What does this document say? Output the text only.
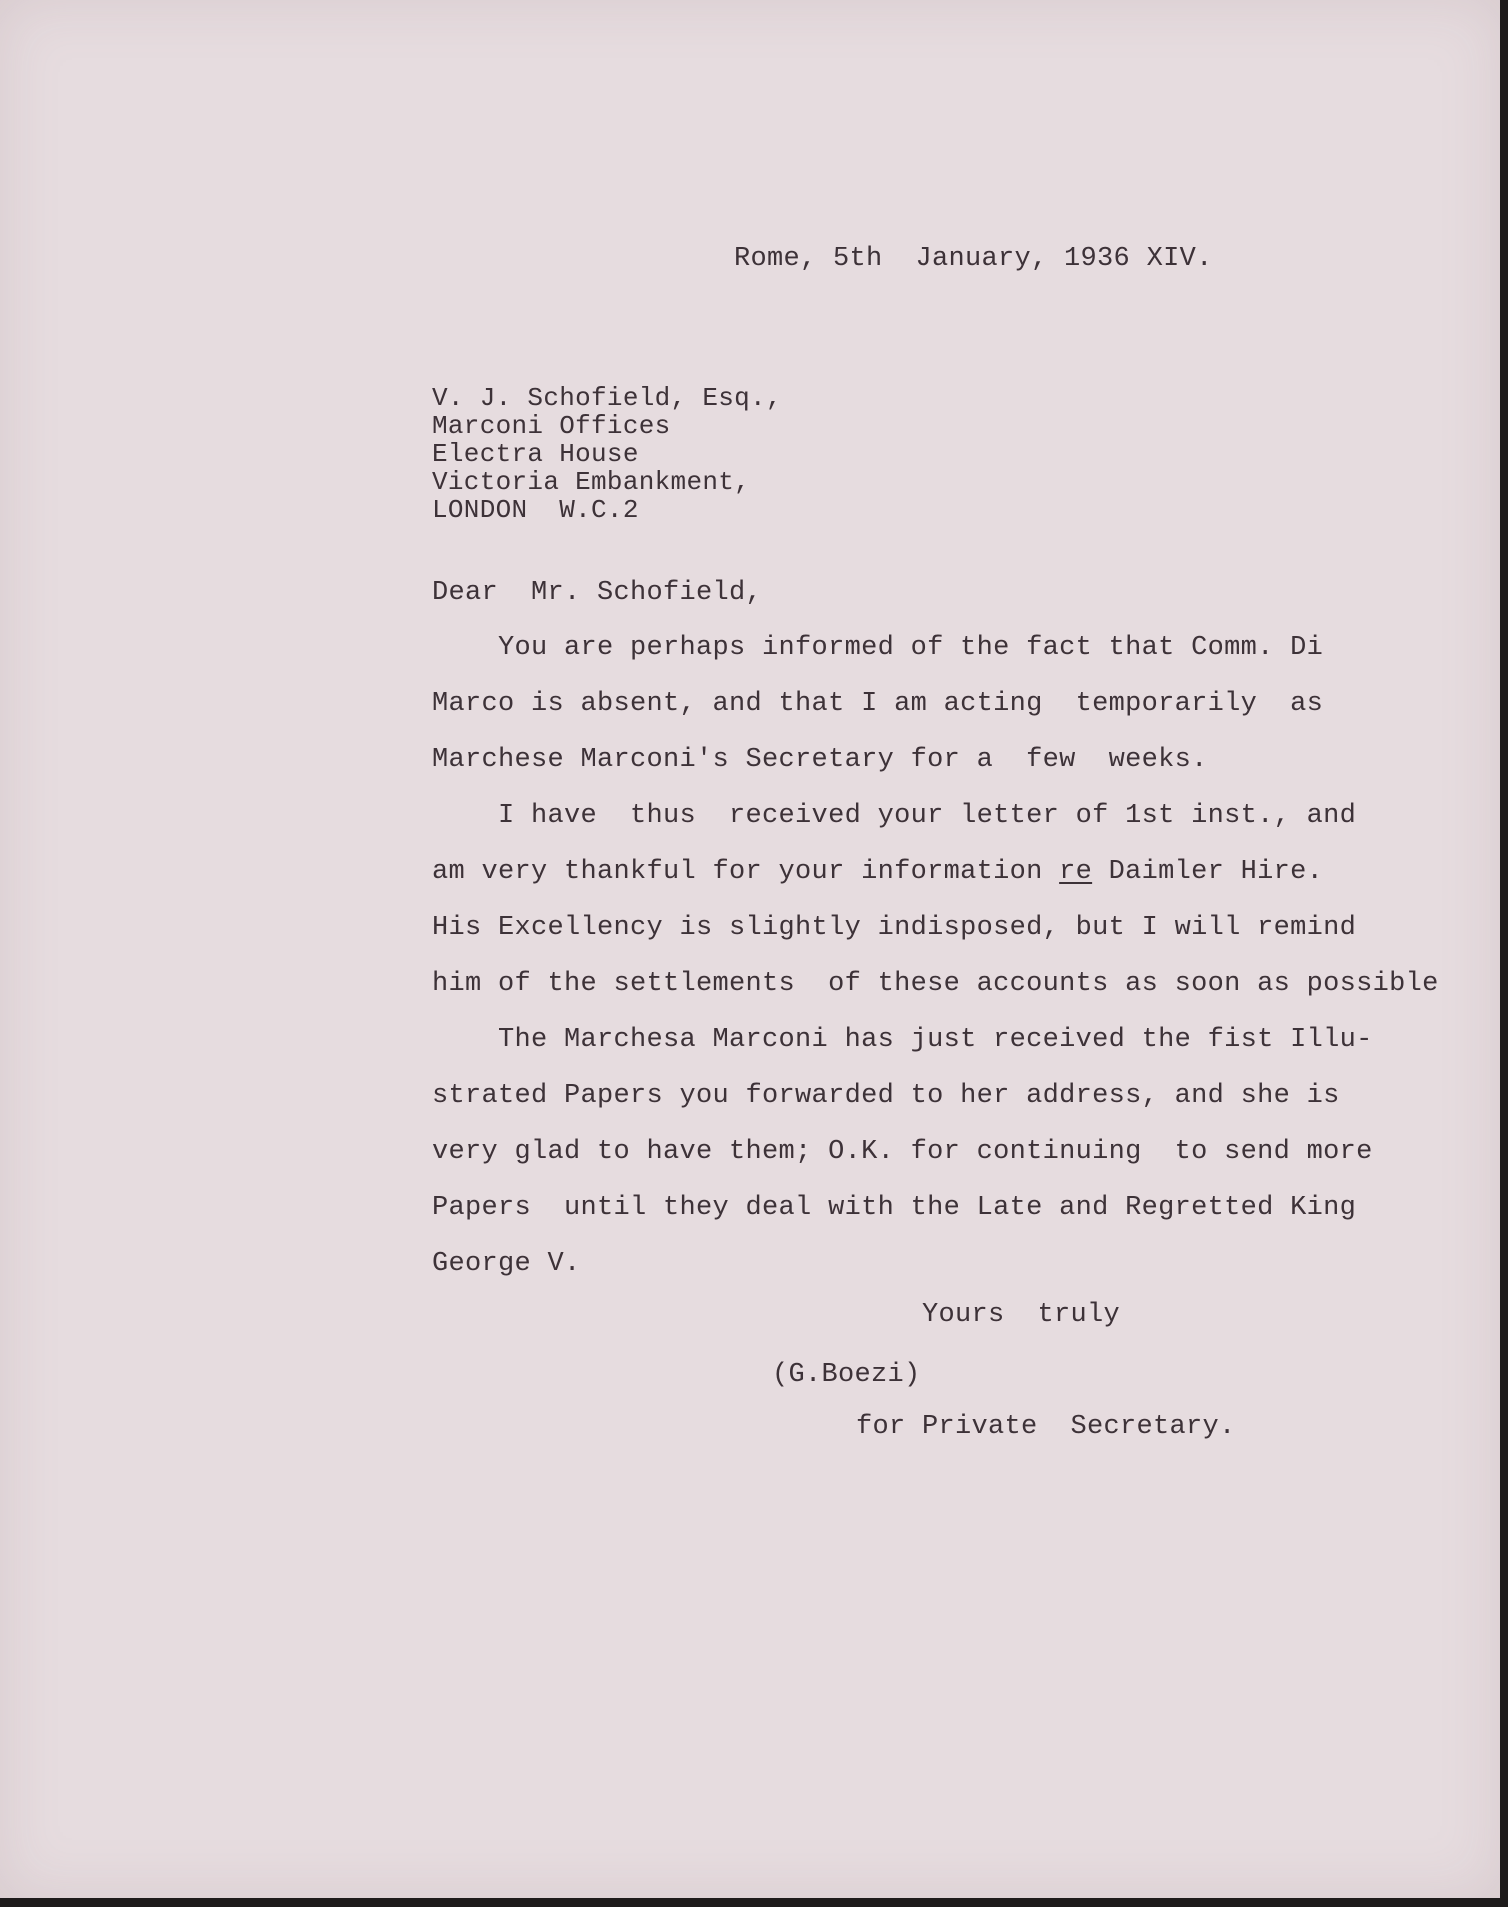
Rome, 5th  January, 1936 XIV.
V. J. Schofield, Esq.,
Marconi Offices
Electra House
Victoria Embankment,
LONDON  W.C.2
Dear  Mr. Schofield,
You are perhaps informed of the fact that Comm. Di
Marco is absent, and that I am acting  temporarily  as
Marchese Marconi's Secretary for a  few  weeks.
I have  thus  received your letter of 1st inst., and
am very thankful for your information re Daimler Hire.
His Excellency is slightly indisposed, but I will remind
him of the settlements  of these accounts as soon as possible
The Marchesa Marconi has just received the fist Illu-
strated Papers you forwarded to her address, and she is
very glad to have them; O.K. for continuing  to send more
Papers  until they deal with the Late and Regretted King
George V.
Yours  truly
(G.Boezi)
for Private  Secretary.
